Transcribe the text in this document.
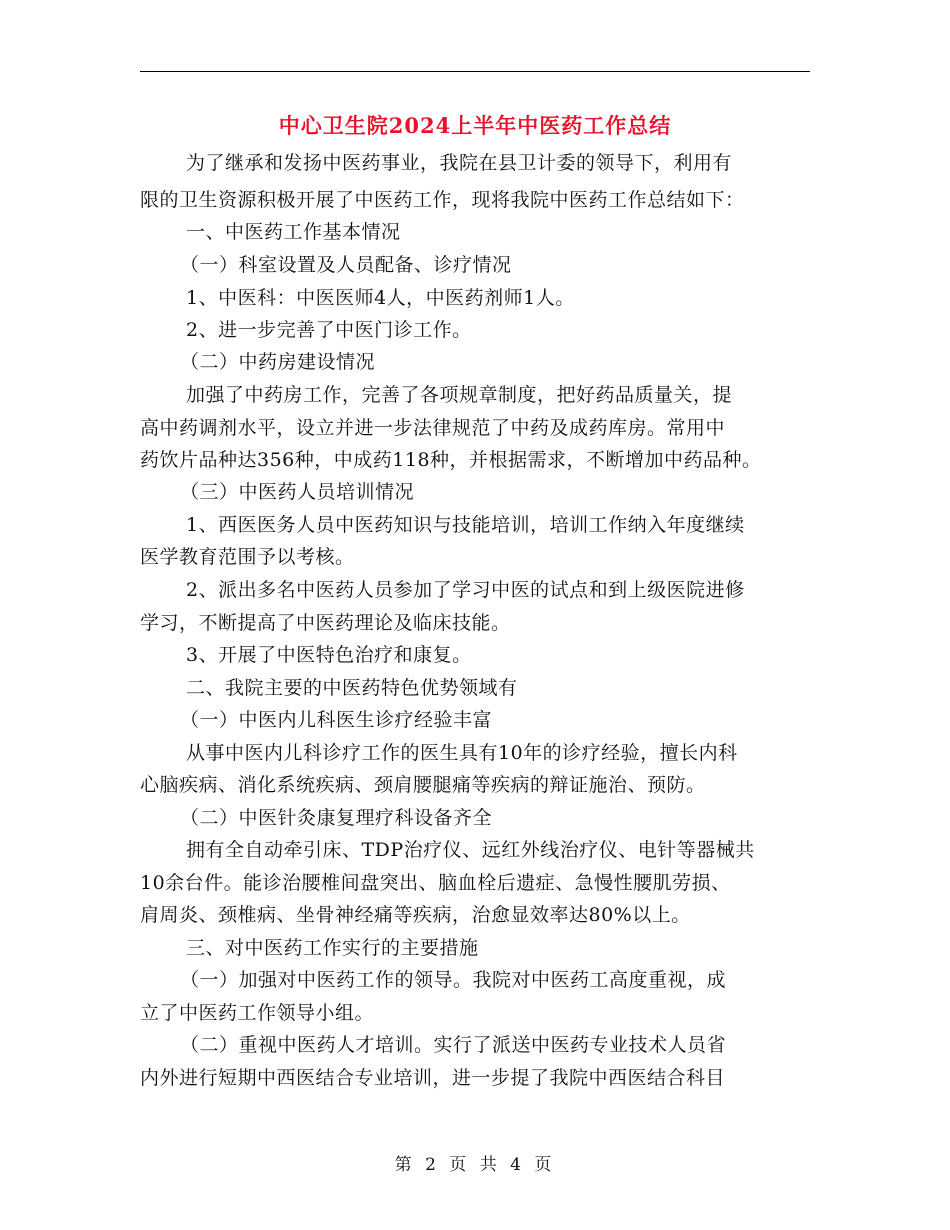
中心卫生院2024上半年中医药工作总结
为了继承和发扬中医药事业，我院在县卫计委的领导下，利用有
限的卫生资源积极开展了中医药工作，现将我院中医药工作总结如下：
一、中医药工作基本情况
（一）科室设置及人员配备、诊疗情况
1、中医科：中医医师4人，中医药剂师1人。
2、进一步完善了中医门诊工作。
（二）中药房建设情况
加强了中药房工作，完善了各项规章制度，把好药品质量关，提
高中药调剂水平，设立并进一步法律规范了中药及成药库房。常用中
药饮片品种达356种，中成药118种，并根据需求，不断增加中药品种。
（三）中医药人员培训情况
1、西医医务人员中医药知识与技能培训，培训工作纳入年度继续
医学教育范围予以考核。
2、派出多名中医药人员参加了学习中医的试点和到上级医院进修
学习，不断提高了中医药理论及临床技能。
3、开展了中医特色治疗和康复。
二、我院主要的中医药特色优势领域有
（一）中医内儿科医生诊疗经验丰富
从事中医内儿科诊疗工作的医生具有10年的诊疗经验，擅长内科
心脑疾病、消化系统疾病、颈肩腰腿痛等疾病的辩证施治、预防。
（二）中医针灸康复理疗科设备齐全
拥有全自动牵引床、TDP治疗仪、远红外线治疗仪、电针等器械共
10余台件。能诊治腰椎间盘突出、脑血栓后遗症、急慢性腰肌劳损、
肩周炎、颈椎病、坐骨神经痛等疾病，治愈显效率达80%以上。
三、对中医药工作实行的主要措施
（一）加强对中医药工作的领导。我院对中医药工高度重视，成
立了中医药工作领导小组。
（二）重视中医药人才培训。实行了派送中医药专业技术人员省
内外进行短期中西医结合专业培训，进一步提了我院中西医结合科目
第 2 页 共 4 页
